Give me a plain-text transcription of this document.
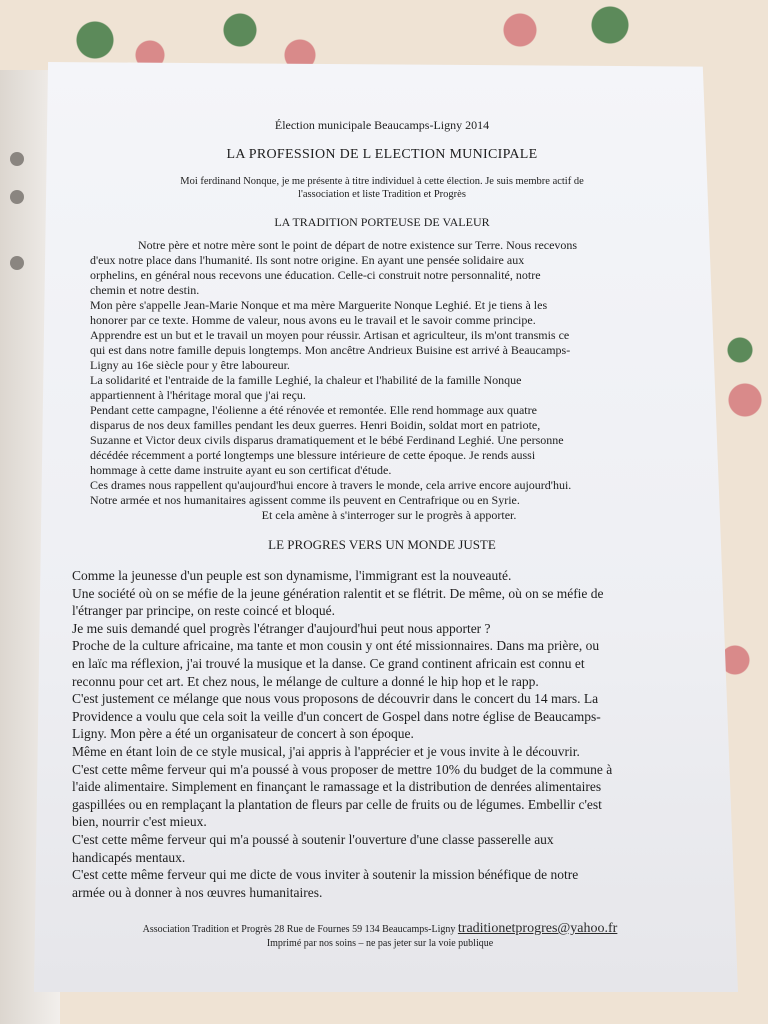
Élection municipale Beaucamps-Ligny 2014
LA PROFESSION DE L ELECTION MUNICIPALE
Moi ferdinand Nonque, je me présente à titre individuel à cette élection. Je suis membre actif de
l'association et liste Tradition et Progrès
LA TRADITION PORTEUSE DE VALEUR
Notre père et notre mère sont le point de départ de notre existence sur Terre. Nous recevons
d'eux notre place dans l'humanité. Ils sont notre origine. En ayant une pensée solidaire aux
orphelins, en général nous recevons une éducation. Celle-ci construit notre personnalité, notre
chemin et notre destin.
Mon père s'appelle Jean-Marie Nonque et ma mère Marguerite Nonque Leghié. Et je tiens à les
honorer par ce texte. Homme de valeur, nous avons eu le travail et le savoir comme principe.
Apprendre est un but et le travail un moyen pour réussir. Artisan et agriculteur, ils m'ont transmis ce
qui est dans notre famille depuis longtemps. Mon ancêtre Andrieux Buisine est arrivé à Beaucamps-
Ligny au 16e siècle pour y être laboureur.
La solidarité et l'entraide de la famille Leghié, la chaleur et l'habilité de la famille Nonque
appartiennent à l'héritage moral que j'ai reçu.
Pendant cette campagne, l'éolienne a été rénovée et remontée. Elle rend hommage aux quatre
disparus de nos deux familles pendant les deux guerres. Henri Boidin, soldat mort en patriote,
Suzanne et Victor deux civils disparus dramatiquement et le bébé Ferdinand Leghié. Une personne
décédée récemment a porté longtemps une blessure intérieure de cette époque. Je rends aussi
hommage à cette dame instruite ayant eu son certificat d'étude.
Ces drames nous rappellent qu'aujourd'hui encore à travers le monde, cela arrive encore aujourd'hui.
Notre armée et nos humanitaires agissent comme ils peuvent en Centrafrique ou en Syrie.
Et cela amène à s'interroger sur le progrès à apporter.
LE PROGRES VERS UN MONDE JUSTE
Comme la jeunesse d'un peuple est son dynamisme, l'immigrant est la nouveauté.
Une société où on se méfie de la jeune génération ralentit et se flétrit. De même, où on se méfie de
l'étranger par principe, on reste coincé et bloqué.
Je me suis demandé quel progrès l'étranger d'aujourd'hui peut nous apporter ?
Proche de la culture africaine, ma tante et mon cousin y ont été missionnaires. Dans ma prière, ou
en laïc ma réflexion, j'ai trouvé la musique et la danse. Ce grand continent africain est connu et
reconnu pour cet art. Et chez nous, le mélange de culture a donné le hip hop et le rapp.
C'est justement ce mélange que nous vous proposons de découvrir dans le concert du 14 mars. La
Providence a voulu que cela soit la veille d'un concert de Gospel dans notre église de Beaucamps-
Ligny. Mon père a été un organisateur de concert à son époque.
Même en étant loin de ce style musical, j'ai appris à l'apprécier et je vous invite à le découvrir.
C'est cette même ferveur qui m'a poussé à vous proposer de mettre 10% du budget de la commune à
l'aide alimentaire. Simplement en finançant le ramassage et la distribution de denrées alimentaires
gaspillées ou en remplaçant la plantation de fleurs par celle de fruits ou de légumes. Embellir c'est
bien, nourrir c'est mieux.
C'est cette même ferveur qui m'a poussé à soutenir l'ouverture d'une classe passerelle aux
handicapés mentaux.
C'est cette même ferveur qui me dicte de vous inviter à soutenir la mission bénéfique de notre
armée ou à donner à nos œuvres humanitaires.
Association Tradition et Progrès 28 Rue de Fournes 59 134 Beaucamps-Ligny traditionetprogres@yahoo.fr
Imprimé par nos soins – ne pas jeter sur la voie publique
